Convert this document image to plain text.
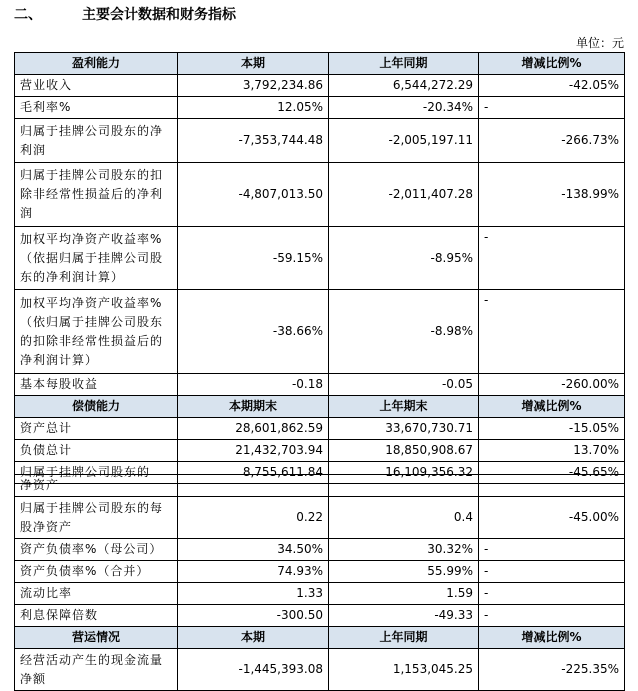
二、	主要会计数据和财务指标
单位：元
盈利能力	本期	上年同期	增减比例%
营业收入	3,792,234.86	6,544,272.29	-42.05%
毛利率%	12.05%	-20.34%	-
归属于挂牌公司股东的净利润	-7,353,744.48	-2,005,197.11	-266.73%
归属于挂牌公司股东的扣除非经常性损益后的净利润	-4,807,013.50	-2,011,407.28	-138.99%
加权平均净资产收益率%（依据归属于挂牌公司股东的净利润计算）	-59.15%	-8.95%	-
加权平均净资产收益率%（依归属于挂牌公司股东的扣除非经常性损益后的净利润计算）	-38.66%	-8.98%	-
基本每股收益	-0.18	-0.05	-260.00%
偿债能力	本期期末	上年期末	增减比例%
资产总计	28,601,862.59	33,670,730.71	-15.05%
负债总计	21,432,703.94	18,850,908.67	13.70%
归属于挂牌公司股东的	8,755,611.84	16,109,356.32	-45.65%
净资产			
归属于挂牌公司股东的每股净资产	0.22	0.4	-45.00%
资产负债率%（母公司）	34.50%	30.32%	-
资产负债率%（合并）	74.93%	55.99%	-
流动比率	1.33	1.59	-
利息保障倍数	-300.50	-49.33	-
营运情况	本期	上年同期	增减比例%
经营活动产生的现金流量净额	-1,445,393.08	1,153,045.25	-225.35%
